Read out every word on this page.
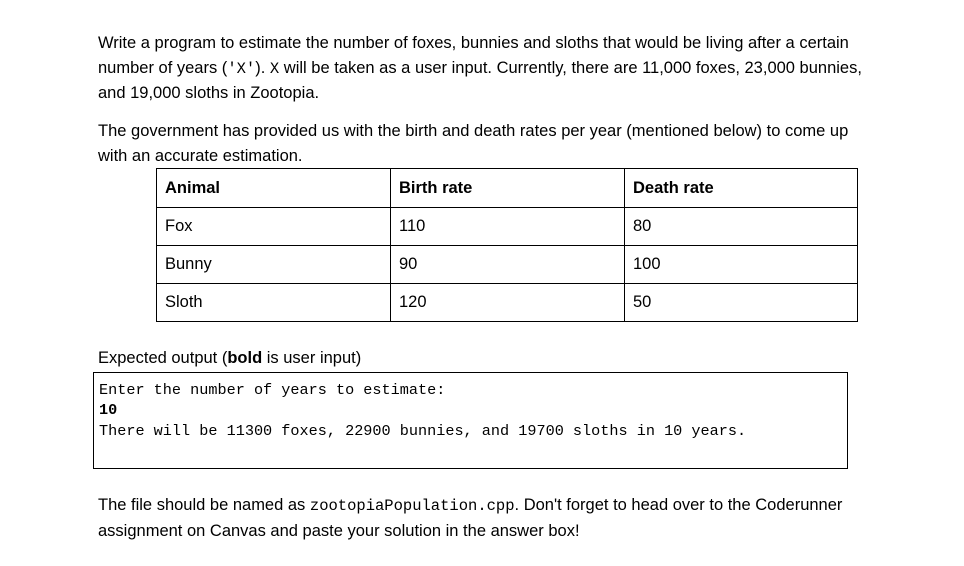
Write a program to estimate the number of foxes, bunnies and sloths that would be living after a certain number of years ('X'). X will be taken as a user input. Currently, there are 11,000 foxes, 23,000 bunnies, and 19,000 sloths in Zootopia.

The government has provided us with the birth and death rates per year (mentioned below) to come up with an accurate estimation.

Animal	Birth rate	Death rate
Fox	110	80
Bunny	90	100
Sloth	120	50
Expected output (bold is user input)
Enter the number of years to estimate:
10
There will be 11300 foxes, 22900 bunnies, and 19700 sloths in 10 years.

The file should be named as zootopiaPopulation.cpp. Don't forget to head over to the Coderunner assignment on Canvas and paste your solution in the answer box!
